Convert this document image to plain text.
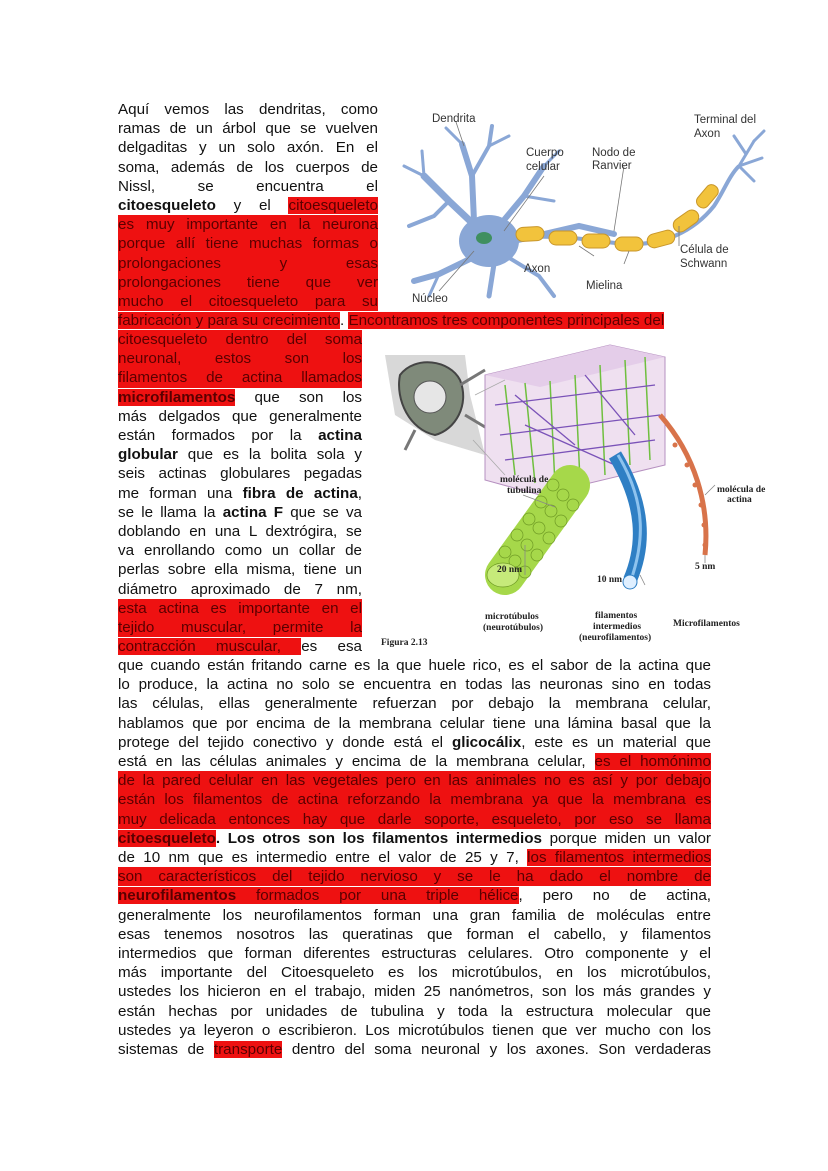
Aquí vemos las dendritas, como
ramas de un árbol que se vuelven
delgaditas y un solo axón. En el
soma, además de los cuerpos de
Nissl, se encuentra el
citoesqueleto y el citoesqueleto
es muy importante en la neurona
porque allí tiene muchas formas o
prolongaciones y esas
prolongaciones tiene que ver
mucho el citoesqueleto para su
fabricación y para su crecimiento. Encontramos tres componentes principales del
citoesqueleto dentro del soma
neuronal, estos son los
filamentos de actina llamados
microfilamentos que son los
más delgados que generalmente
están formados por la actina
globular que es la bolita sola y
seis actinas globulares pegadas
me forman una fibra de actina,
se le llama la actina F que se va
doblando en una L dextrógira, se
va enrollando como un collar de
perlas sobre ella misma, tiene un
diámetro aproximado de 7 nm,
esta actina es importante en el
tejido muscular, permite la
contracción muscular, es esa
que cuando están fritando carne es la que huele rico, es el sabor de la actina que
lo produce, la actina no solo se encuentra en todas las neuronas sino en todas
las células, ellas generalmente refuerzan por debajo la membrana celular,
hablamos que por encima de la membrana celular tiene una lámina basal que la
protege del tejido conectivo y donde está el glicocálix, este es un material que
está en las células animales y encima de la membrana celular, es el homónimo
de la pared celular en las vegetales pero en las animales no es así y por debajo
están los filamentos de actina reforzando la membrana ya que la membrana es
muy delicada entonces hay que darle soporte, esqueleto, por eso se llama
citoesqueleto. Los otros son los filamentos intermedios porque miden un valor
de 10 nm que es intermedio entre el valor de 25 y 7, los filamentos intermedios
son característicos del tejido nervioso y se le ha dado el nombre de
neurofilamentos formados por una triple hélice, pero no de actina,
generalmente los neurofilamentos forman una gran familia de moléculas entre
esas tenemos nosotros las queratinas que forman el cabello, y filamentos
intermedios que forman diferentes estructuras celulares. Otro componente y el
más importante del Citoesqueleto es los microtúbulos, en los microtúbulos,
ustedes los hicieron en el trabajo, miden 25 nanómetros, son los más grandes y
están hechas por unidades de tubulina y toda la estructura molecular que
ustedes ya leyeron o escribieron. Los microtúbulos tienen que ver mucho con los
sistemas de transporte dentro del soma neuronal y los axones. Son verdaderas
Dendrita	Terminal del
Axon
Cuerpo
celular
Nodo de
Ranvier
Célula de
Schwann
Axon
Mielina
Núcleo
molécula de
tubulina	molécula de
actina
20 nm
10 nm
5 nm
microtúbulos
(neurotúbulos)
filamentos
intermedios
(neurofilamentos)
Microfilamentos
Figura 2.13
